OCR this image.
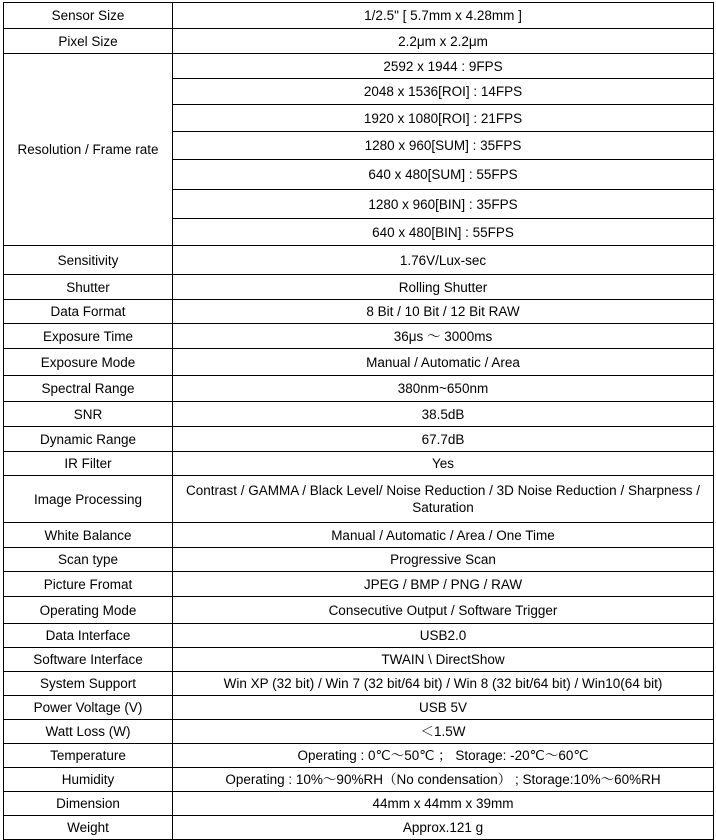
Sensor Size	1/2.5" [ 5.7mm x 4.28mm ]
Pixel Size	2.2μm x 2.2μm
Resolution / Frame rate	2592 x 1944 : 9FPS
	2048 x 1536[ROI] : 14FPS
	1920 x 1080[ROI] : 21FPS
	1280 x 960[SUM] : 35FPS
	640 x 480[SUM] : 55FPS
	1280 x 960[BIN] : 35FPS
	640 x 480[BIN] : 55FPS
Sensitivity	1.76V/Lux-sec
Shutter	Rolling Shutter
Data Format	8 Bit / 10 Bit / 12 Bit RAW
Exposure Time	36μs ～ 3000ms
Exposure Mode	Manual / Automatic / Area
Spectral Range	380nm~650nm
SNR	38.5dB
Dynamic Range	67.7dB
IR Filter	Yes
Image Processing	Contrast / GAMMA / Black Level/ Noise Reduction / 3D Noise Reduction / Sharpness / Saturation
White Balance	Manual / Automatic / Area / One Time
Scan type	Progressive Scan
Picture Fromat	JPEG / BMP / PNG / RAW
Operating Mode	Consecutive Output / Software Trigger
Data Interface	USB2.0
Software Interface	TWAIN \ DirectShow
System Support	Win XP (32 bit) / Win 7 (32 bit/64 bit) / Win 8 (32 bit/64 bit) / Win10(64 bit)
Power Voltage (V)	USB 5V
Watt Loss (W)	＜1.5W
Temperature	Operating : 0℃～50℃ ； Storage: -20℃～60℃
Humidity	Operating : 10%～90%RH（No condensation） ; Storage:10%～60%RH
Dimension	44mm x 44mm x 39mm
Weight	Approx.121 g
